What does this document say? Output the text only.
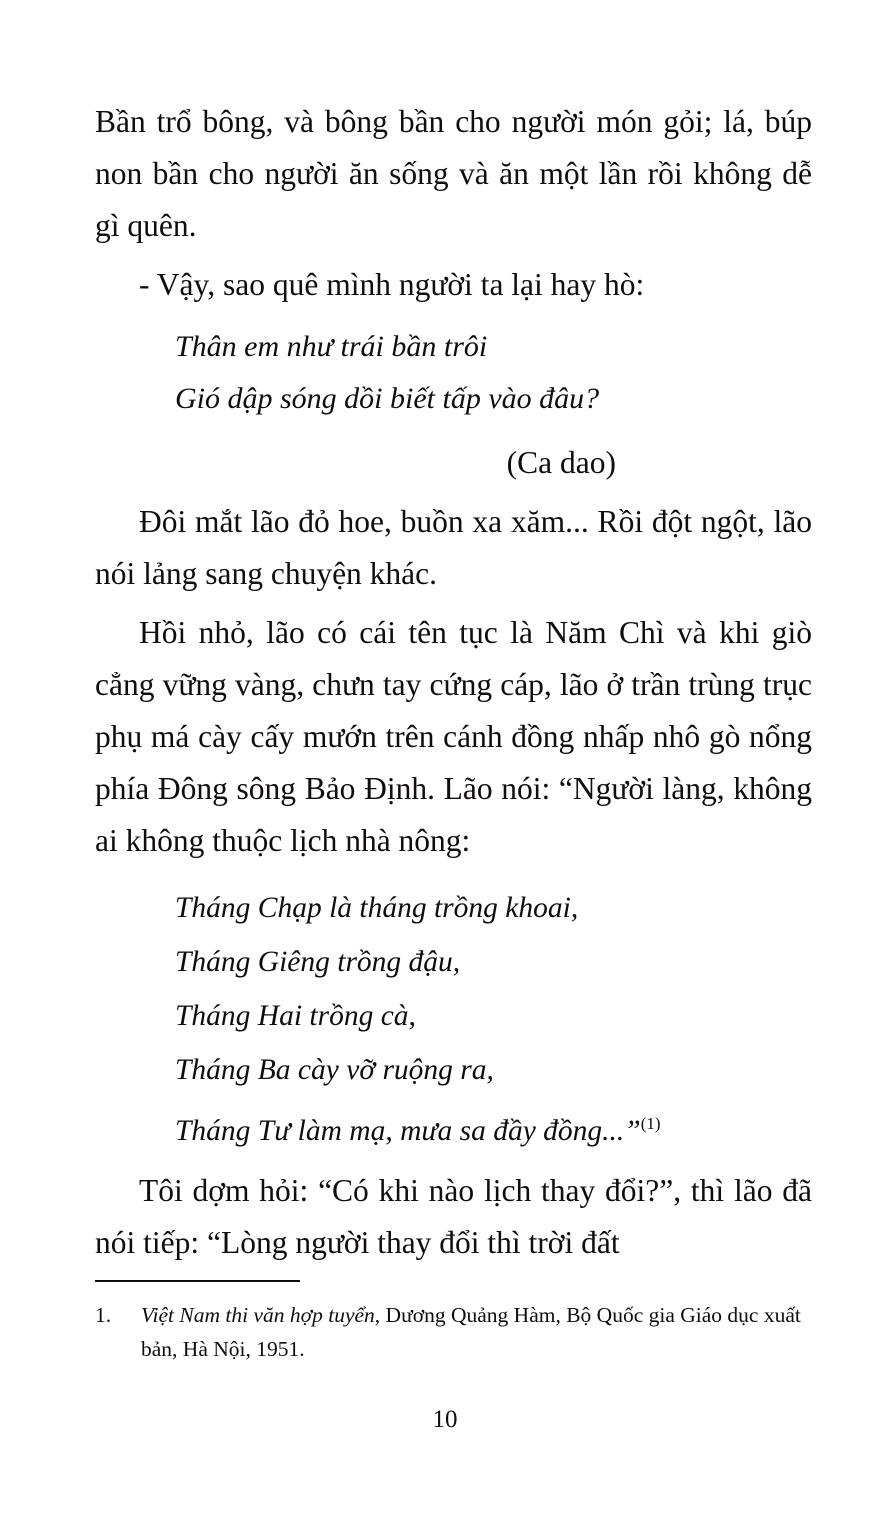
Bần trổ bông, và bông bần cho người món gỏi; lá, búp non bần cho người ăn sống và ăn một lần rồi không dễ gì quên.

- Vậy, sao quê mình người ta lại hay hò:

Thân em như trái bần trôi

Gió dập sóng dồi biết tấp vào đâu?

(Ca dao)

Đôi mắt lão đỏ hoe, buồn xa xăm... Rồi đột ngột, lão nói lảng sang chuyện khác.

Hồi nhỏ, lão có cái tên tục là Năm Chì và khi giò cẳng vững vàng, chưn tay cứng cáp, lão ở trần trùng trục phụ má cày cấy mướn trên cánh đồng nhấp nhô gò nổng phía Đông sông Bảo Định. Lão nói: “Người làng, không ai không thuộc lịch nhà nông:

Tháng Chạp là tháng trồng khoai,

Tháng Giêng trồng đậu,

Tháng Hai trồng cà,

Tháng Ba cày vỡ ruộng ra,

Tháng Tư làm mạ, mưa sa đầy đồng...”$^{(1)}$

Tôi dợm hỏi: “Có khi nào lịch thay đổi?”, thì lão đã nói tiếp: “Lòng người thay đổi thì trời đất

1.	Việt Nam thi văn hợp tuyển, Dương Quảng Hàm, Bộ Quốc gia Giáo dục xuất bản, Hà Nội, 1951.

10
